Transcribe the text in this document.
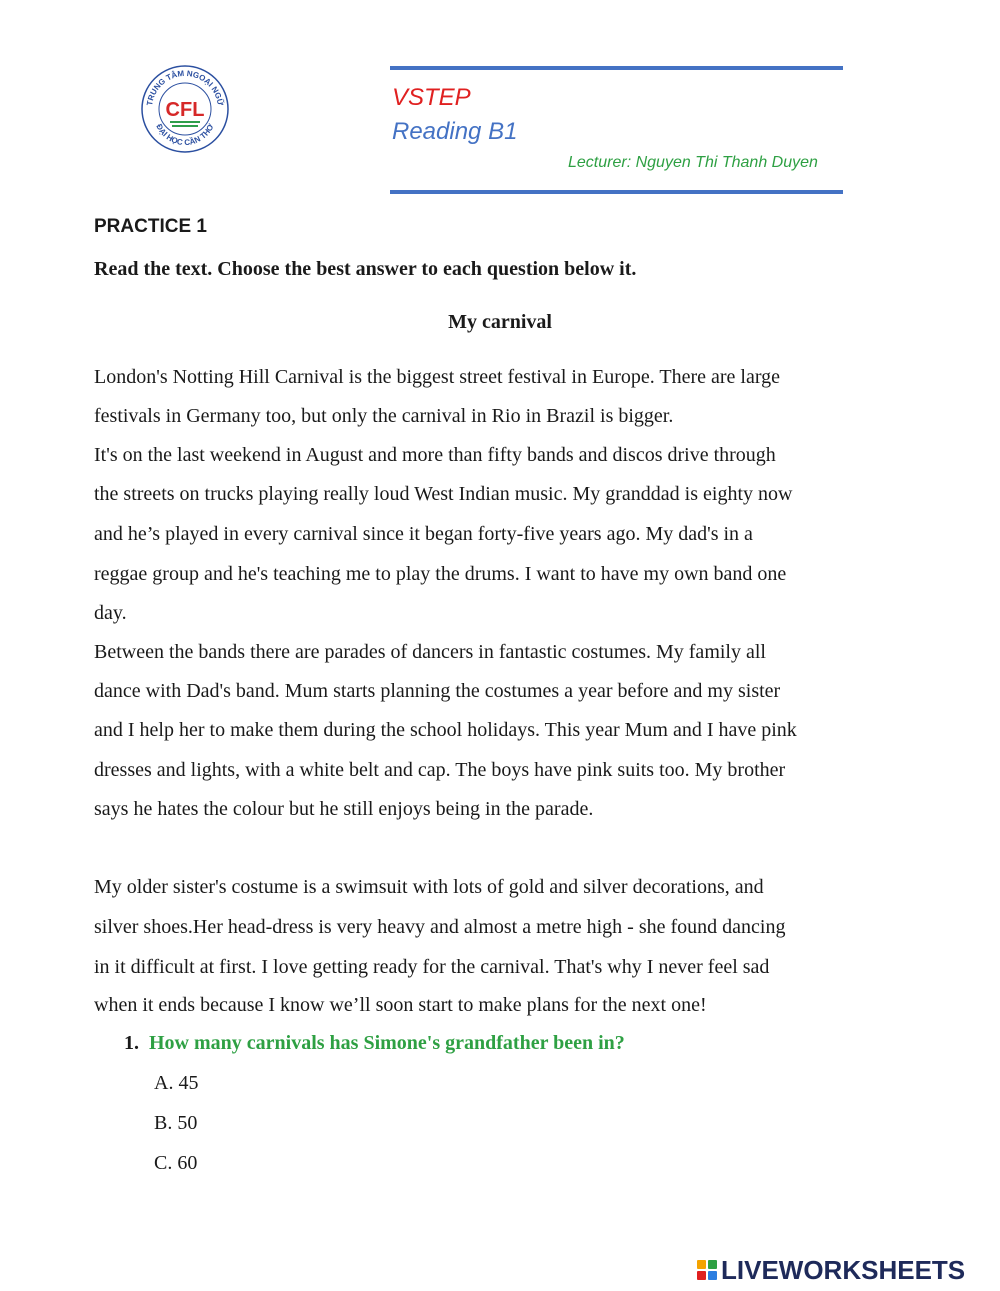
TRUNG TÂM NGOẠI NGỮ
ĐẠI HỌC CẦN THƠ
CFL	VSTEP
Reading B1
Lecturer: Nguyen Thi Thanh Duyen
PRACTICE 1
Read the text. Choose the best answer to each question below it.
My carnival
London's Notting Hill Carnival is the biggest street festival in Europe. There are large
festivals in Germany too, but only the carnival in Rio in Brazil is bigger.
It's on the last weekend in August and more than fifty bands and discos drive through
the streets on trucks playing really loud West Indian music. My granddad is eighty now
and he’s played in every carnival since it began forty-five years ago. My dad's in a
reggae group and he's teaching me to play the drums. I want to have my own band one
day.
Between the bands there are parades of dancers in fantastic costumes. My family all
dance with Dad's band. Mum starts planning the costumes a year before and my sister
and I help her to make them during the school holidays. This year Mum and I have pink
dresses and lights, with a white belt and cap. The boys have pink suits too. My brother
says he hates the colour but he still enjoys being in the parade.
My older sister's costume is a swimsuit with lots of gold and silver decorations, and
silver shoes.Her head-dress is very heavy and almost a metre high - she found dancing
in it difficult at first. I love getting ready for the carnival. That's why I never feel sad
when it ends because I know we’ll soon start to make plans for the next one!
1. How many carnivals has Simone's grandfather been in?
A. 45
B. 50
C. 60
LIVEWORKSHEETS
